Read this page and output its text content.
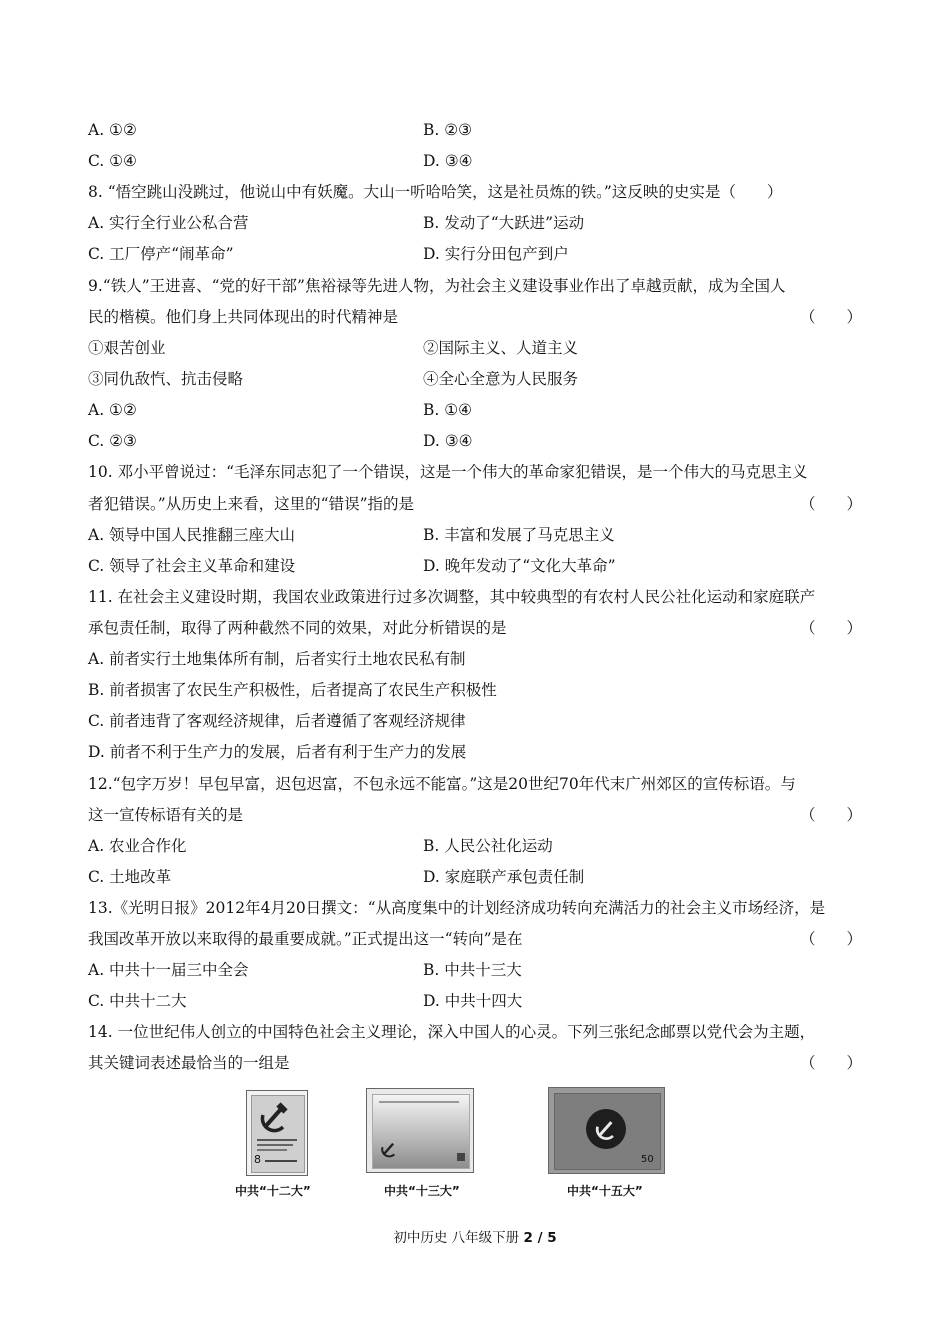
A. ①②	B. ②③
C. ①④	D. ③④
8. “悟空跳山没跳过，他说山中有妖魔。大山一听哈哈笑，这是社员炼的铁。”这反映的史实是（　　）
A. 实行全行业公私合营	B. 发动了“大跃进”运动
C. 工厂停产“闹革命”	D. 实行分田包产到户
9.“铁人”王进喜、“党的好干部”焦裕禄等先进人物，为社会主义建设事业作出了卓越贡献，成为全国人
民的楷模。他们身上共同体现出的时代精神是	（　　）
①艰苦创业	②国际主义、人道主义
③同仇敌忾、抗击侵略	④全心全意为人民服务
A. ①②	B. ①④
C. ②③	D. ③④
10. 邓小平曾说过：“毛泽东同志犯了一个错误，这是一个伟大的革命家犯错误，是一个伟大的马克思主义
者犯错误。”从历史上来看，这里的“错误”指的是	（　　）
A. 领导中国人民推翻三座大山	B. 丰富和发展了马克思主义
C. 领导了社会主义革命和建设	D. 晚年发动了“文化大革命”
11. 在社会主义建设时期，我国农业政策进行过多次调整，其中较典型的有农村人民公社化运动和家庭联产
承包责任制，取得了两种截然不同的效果，对此分析错误的是	（　　）
A. 前者实行土地集体所有制，后者实行土地农民私有制
B. 前者损害了农民生产积极性，后者提高了农民生产积极性
C. 前者违背了客观经济规律，后者遵循了客观经济规律
D. 前者不利于生产力的发展，后者有利于生产力的发展
12.“包字万岁！早包早富，迟包迟富，不包永远不能富。”这是20世纪70年代末广州郊区的宣传标语。与
这一宣传标语有关的是	（　　）
A. 农业合作化	B. 人民公社化运动
C. 土地改革	D. 家庭联产承包责任制
13.《光明日报》2012年4月20日撰文：“从高度集中的计划经济成功转向充满活力的社会主义市场经济，是
我国改革开放以来取得的最重要成就。”正式提出这一“转向”是在	（　　）
A. 中共十一届三中全会	B. 中共十三大
C. 中共十二大	D. 中共十四大
14. 一位世纪伟人创立的中国特色社会主义理论，深入中国人的心灵。下列三张纪念邮票以党代会为主题，
其关键词表述最恰当的一组是	（　　）
8
中共“十二大”	中共“十三大”
50
中共“十五大”
初中历史 八年级下册 2 / 5
